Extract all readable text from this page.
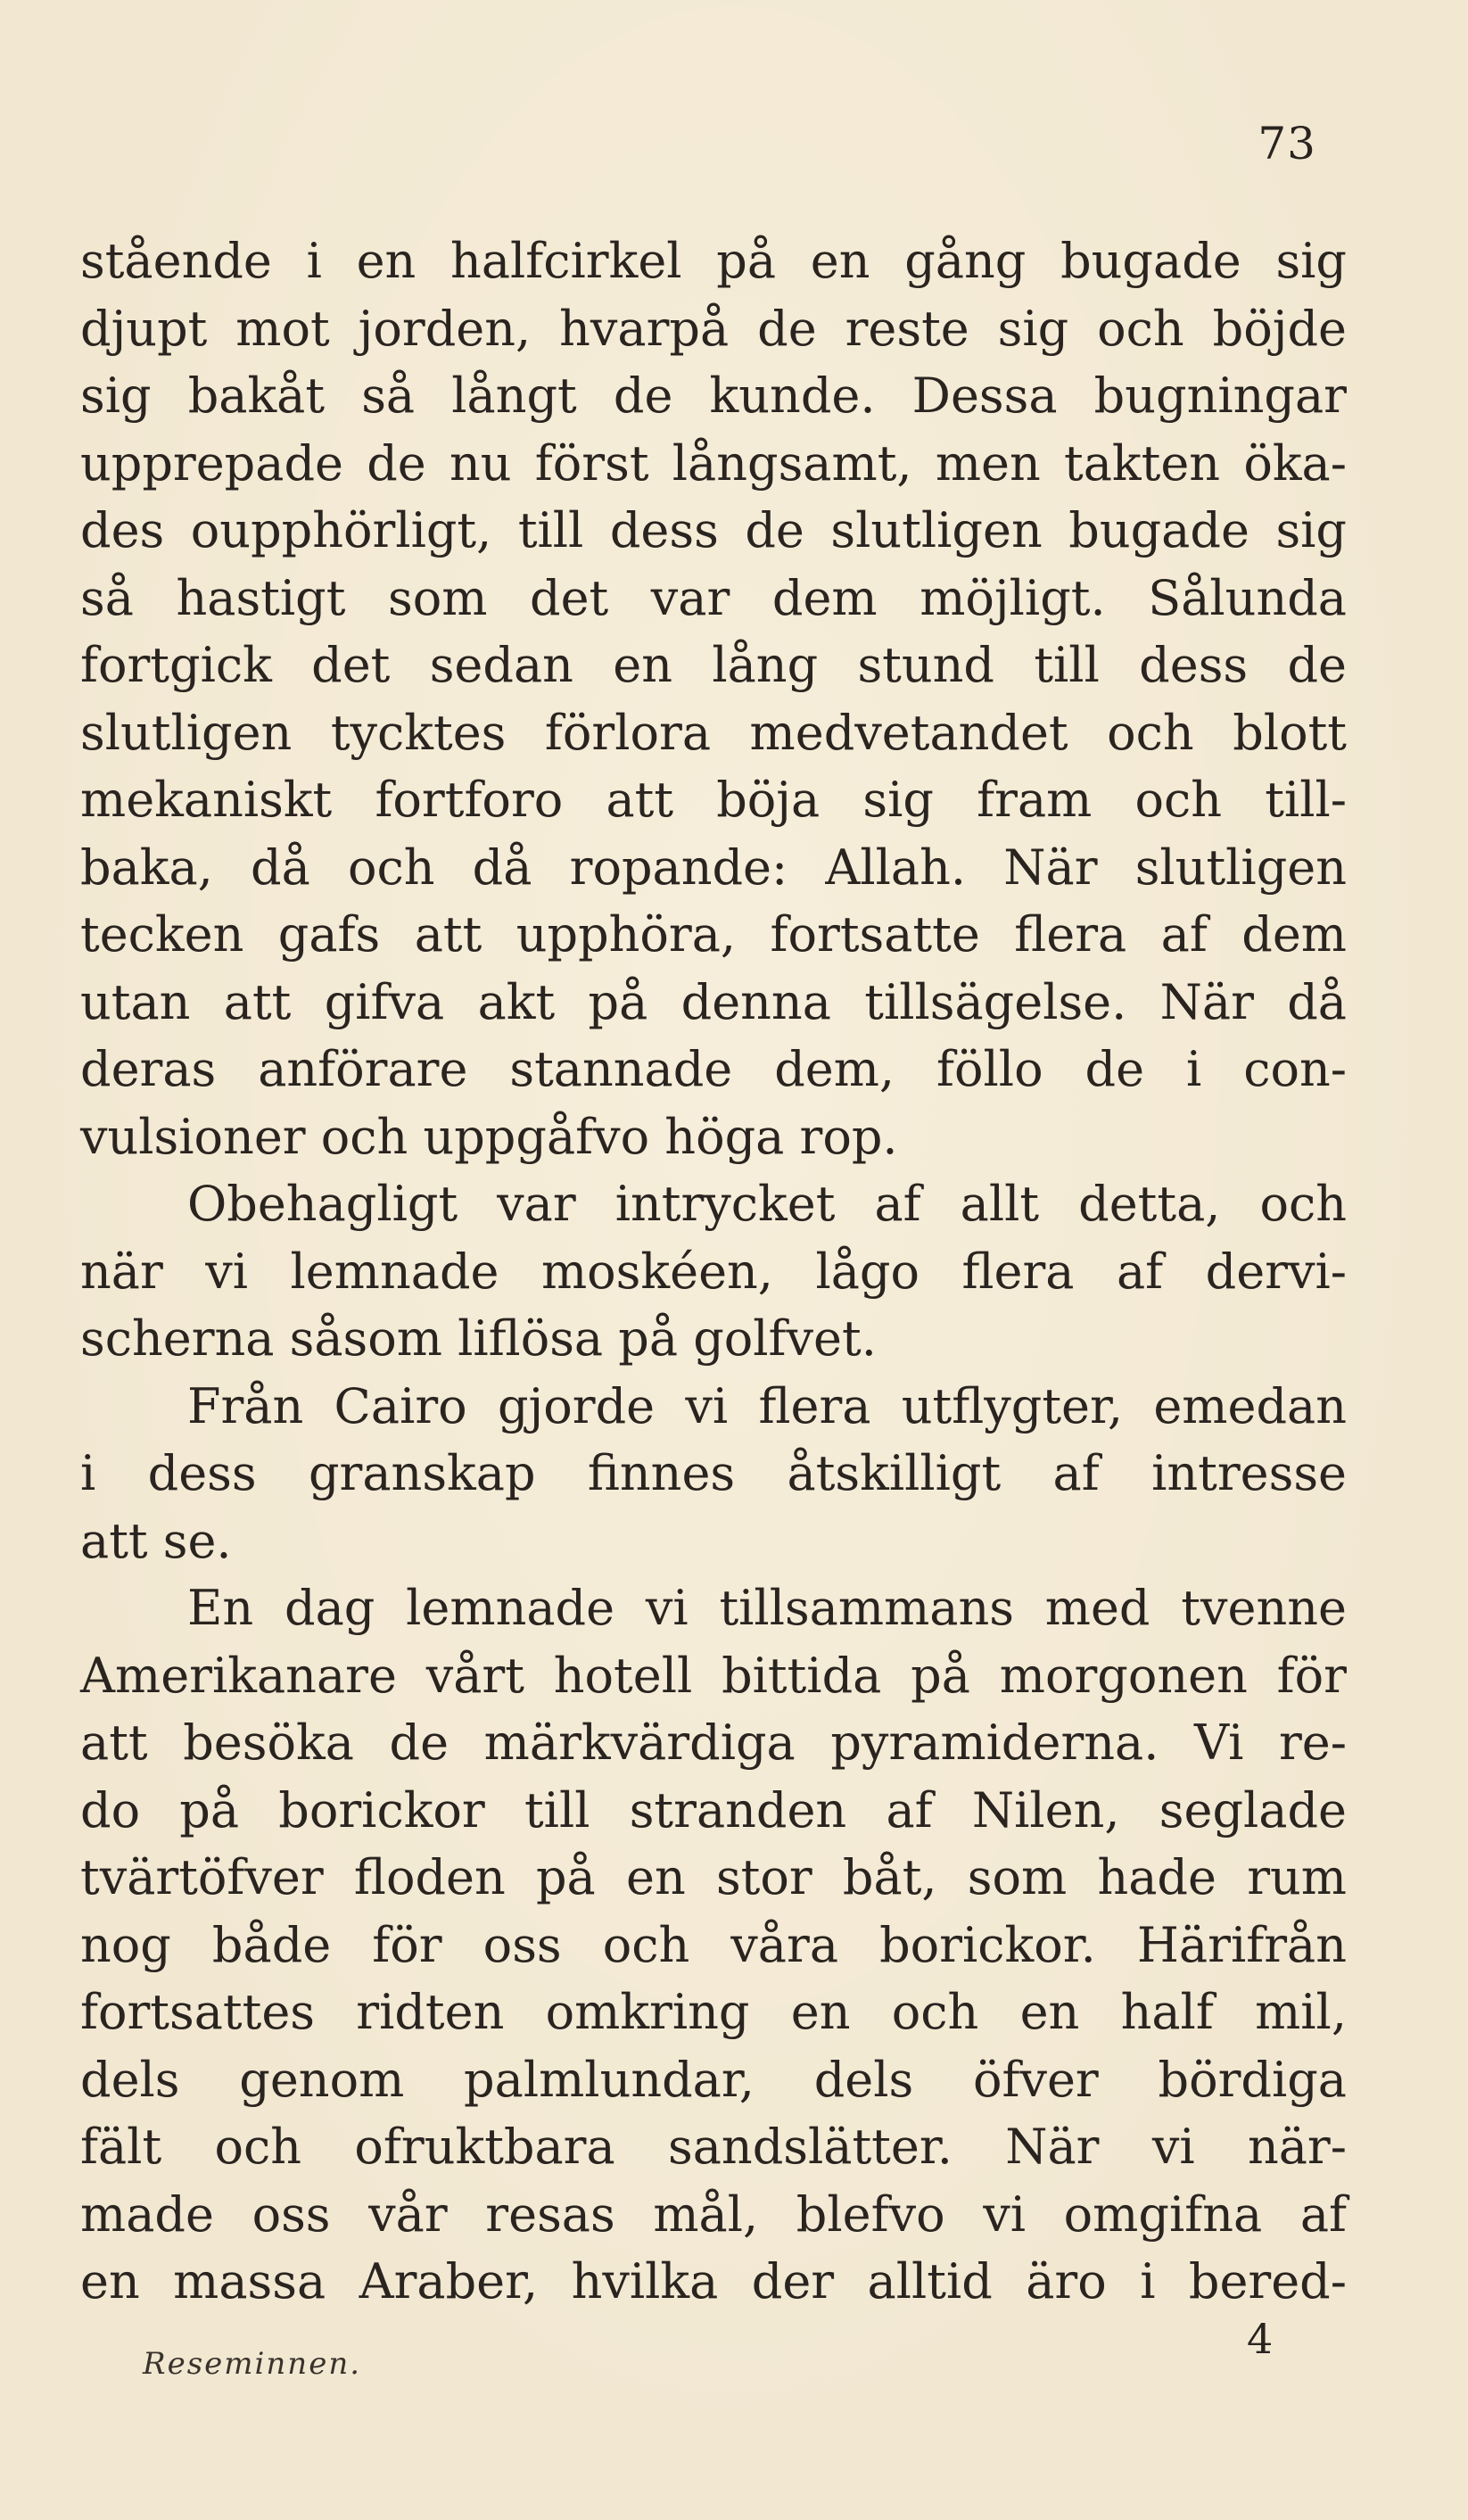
73
stående i en halfcirkel på en gång bugade sig
djupt mot jorden, hvarpå de reste sig och böjde
sig bakåt så långt de kunde. Dessa bugningar
upprepade de nu först långsamt, men takten öka-
des oupphörligt, till dess de slutligen bugade sig
så hastigt som det var dem möjligt. Sålunda
fortgick det sedan en lång stund till dess de
slutligen tycktes förlora medvetandet och blott
mekaniskt fortforo att böja sig fram och till-
baka, då och då ropande: Allah. När slutligen
tecken gafs att upphöra, fortsatte flera af dem
utan att gifva akt på denna tillsägelse. När då
deras anförare stannade dem, föllo de i con-
vulsioner och uppgåfvo höga rop.
Obehagligt var intrycket af allt detta, och
när vi lemnade moskéen, lågo flera af dervi-
scherna såsom liflösa på golfvet.
Från Cairo gjorde vi flera utflygter, emedan
i dess granskap finnes åtskilligt af intresse
att se.
En dag lemnade vi tillsammans med tvenne
Amerikanare vårt hotell bittida på morgonen för
att besöka de märkvärdiga pyramiderna. Vi re-
do på borickor till stranden af Nilen, seglade
tvärtöfver floden på en stor båt, som hade rum
nog både för oss och våra borickor. Härifrån
fortsattes ridten omkring en och en half mil,
dels genom palmlundar, dels öfver bördiga
fält och ofruktbara sandslätter. När vi när-
made oss vår resas mål, blefvo vi omgifna af
en massa Araber, hvilka der alltid äro i bered-
Reseminnen.
4
